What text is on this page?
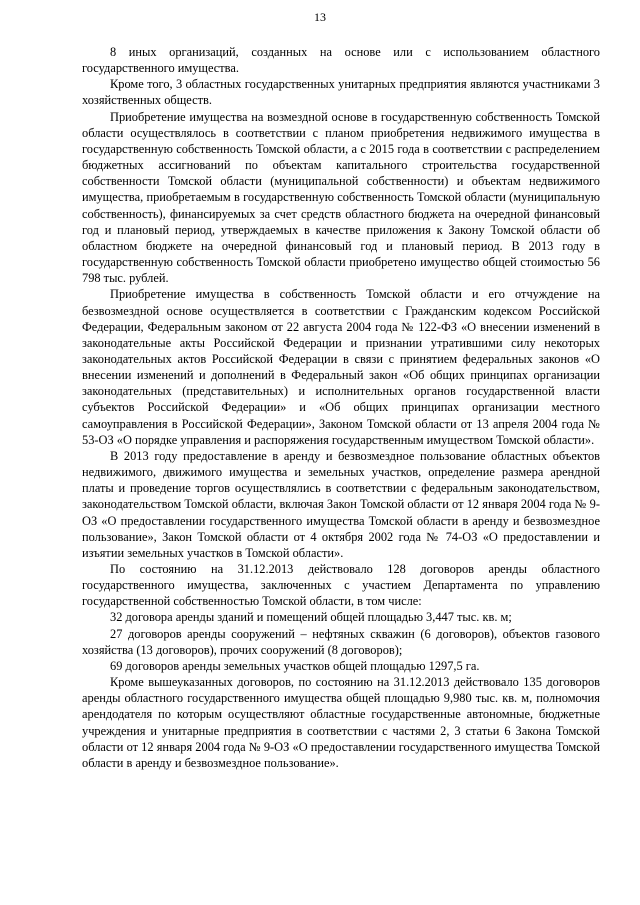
13

8 иных организаций, созданных на основе или с использованием областного государственного имущества.

Кроме того, 3 областных государственных унитарных предприятия являются участниками 3 хозяйственных обществ.

Приобретение имущества на возмездной основе в государственную собственность Томской области осуществлялось в соответствии с планом приобретения недвижимого имущества в государственную собственность Томской области, а с 2015 года в соответствии с распределением бюджетных ассигнований по объектам капитального строительства государственной собственности Томской области (муниципальной собственности) и объектам недвижимого имущества, приобретаемым в государственную собственность Томской области (муниципальную собственность), финансируемых за счет средств областного бюджета на очередной финансовый год и плановый период, утверждаемых в качестве приложения к Закону Томской области об областном бюджете на очередной финансовый год и плановый период. В 2013 году в государственную собственность Томской области приобретено имущество общей стоимостью 56 798 тыс. рублей.

Приобретение имущества в собственность Томской области и его отчуждение на безвозмездной основе осуществляется в соответствии с Гражданским кодексом Российской Федерации, Федеральным законом от 22 августа 2004 года № 122-ФЗ «О внесении изменений в законодательные акты Российской Федерации и признании утратившими силу некоторых законодательных актов Российской Федерации в связи с принятием федеральных законов «О внесении изменений и дополнений в Федеральный закон «Об общих принципах организации законодательных (представительных) и исполнительных органов государственной власти субъектов Российской Федерации» и «Об общих принципах организации местного самоуправления в Российской Федерации», Законом Томской области от 13 апреля 2004 года № 53-ОЗ «О порядке управления и распоряжения государственным имуществом Томской области».

В 2013 году предоставление в аренду и безвозмездное пользование областных объектов недвижимого, движимого имущества и земельных участков, определение размера арендной платы и проведение торгов осуществлялись в соответствии с федеральным законодательством, законодательством Томской области, включая Закон Томской области от 12 января 2004 года № 9-ОЗ «О предоставлении государственного имущества Томской области в аренду и безвозмездное пользование», Закон Томской области от 4 октября 2002 года № 74-ОЗ «О предоставлении и изъятии земельных участков в Томской области».

По состоянию на 31.12.2013 действовало 128 договоров аренды областного государственного имущества, заключенных с участием Департамента по управлению государственной собственностью Томской области, в том числе:

32 договора аренды зданий и помещений общей площадью 3,447 тыс. кв. м;

27 договоров аренды сооружений – нефтяных скважин (6 договоров), объектов газового хозяйства (13 договоров), прочих сооружений (8 договоров);

69 договоров аренды земельных участков общей площадью 1297,5 га.

Кроме вышеуказанных договоров, по состоянию на 31.12.2013 действовало 135 договоров аренды областного государственного имущества общей площадью 9,980 тыс. кв. м, полномочия арендодателя по которым осуществляют областные государственные автономные, бюджетные учреждения и унитарные предприятия в соответствии с частями 2, 3 статьи 6 Закона Томской области от 12 января 2004 года № 9-ОЗ «О предоставлении государственного имущества Томской области в аренду и безвозмездное пользование».
